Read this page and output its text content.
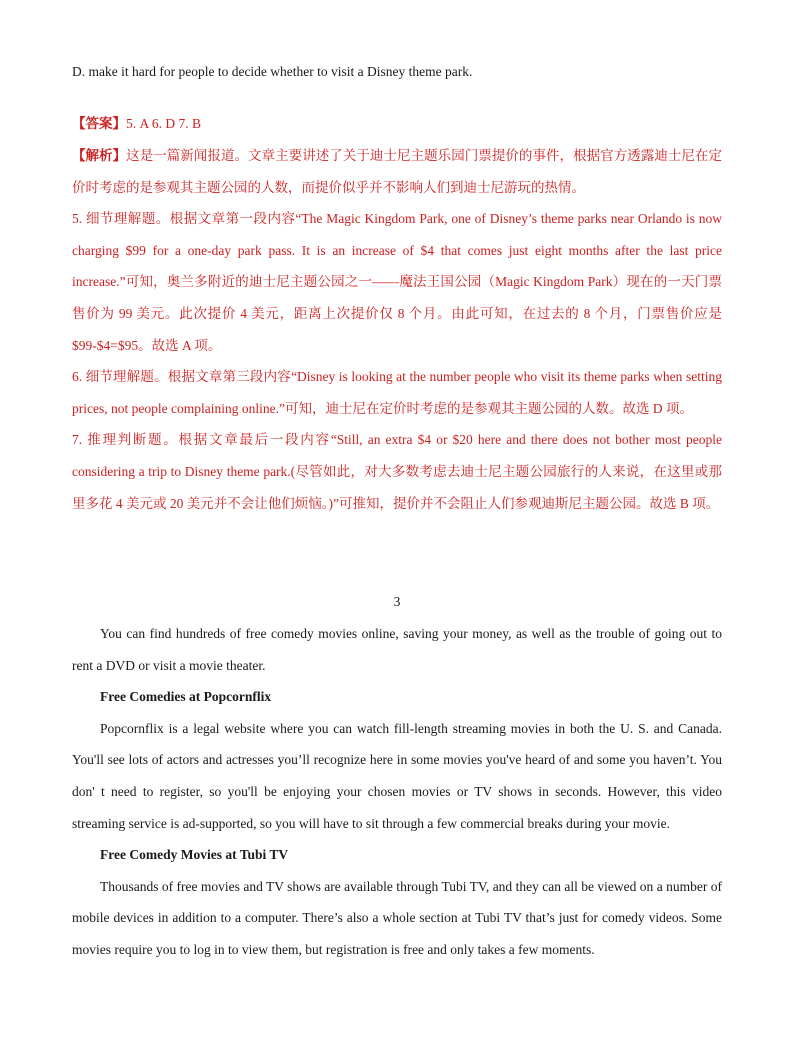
D. make it hard for people to decide whether to visit a Disney theme park.
【答案】5. A 6. D 7. B

【解析】这是一篇新闻报道。文章主要讲述了关于迪士尼主题乐园门票提价的事件，根据官方透露迪士尼在定价时考虑的是参观其主题公园的人数，而提价似乎并不影响人们到迪士尼游玩的热情。

5. 细节理解题。根据文章第一段内容“The Magic Kingdom Park, one of Disney’s theme parks near Orlando is now charging $99 for a one-day park pass. It is an increase of $4 that comes just eight months after the last price increase.”可知，奥兰多附近的迪士尼主题公园之一——魔法王国公园（Magic Kingdom Park）现在的一天门票售价为 99 美元。此次提价 4 美元，距离上次提价仅 8 个月。由此可知，在过去的 8 个月，门票售价应是$99-$4=$95。故选 A 项。

6. 细节理解题。根据文章第三段内容“Disney is looking at the number people who visit its theme parks when setting prices, not people complaining online.”可知，迪士尼在定价时考虑的是参观其主题公园的人数。故选 D 项。

7. 推理判断题。根据文章最后一段内容“Still, an extra $4 or $20 here and there does not bother most people considering a trip to Disney theme park.(尽管如此，对大多数考虑去迪士尼主题公园旅行的人来说，在这里或那里多花 4 美元或 20 美元并不会让他们烦恼。)”可推知，提价并不会阻止人们参观迪斯尼主题公园。故选 B 项。

3

You can find hundreds of free comedy movies online, saving your money, as well as the trouble of going out to rent a DVD or visit a movie theater.

Free Comedies at Popcornflix

Popcornflix is a legal website where you can watch fill-length streaming movies in both the U. S. and Canada. You'll see lots of actors and actresses you’ll recognize here in some movies you've heard of and some you haven’t. You don' t need to register, so you'll be enjoying your chosen movies or TV shows in seconds. However, this video streaming service is ad-supported, so you will have to sit through a few commercial breaks during your movie.

Free Comedy Movies at Tubi TV

Thousands of free movies and TV shows are available through Tubi TV, and they can all be viewed on a number of mobile devices in addition to a computer. There’s also a whole section at Tubi TV that’s just for comedy videos. Some movies require you to log in to view them, but registration is free and only takes a few moments.
